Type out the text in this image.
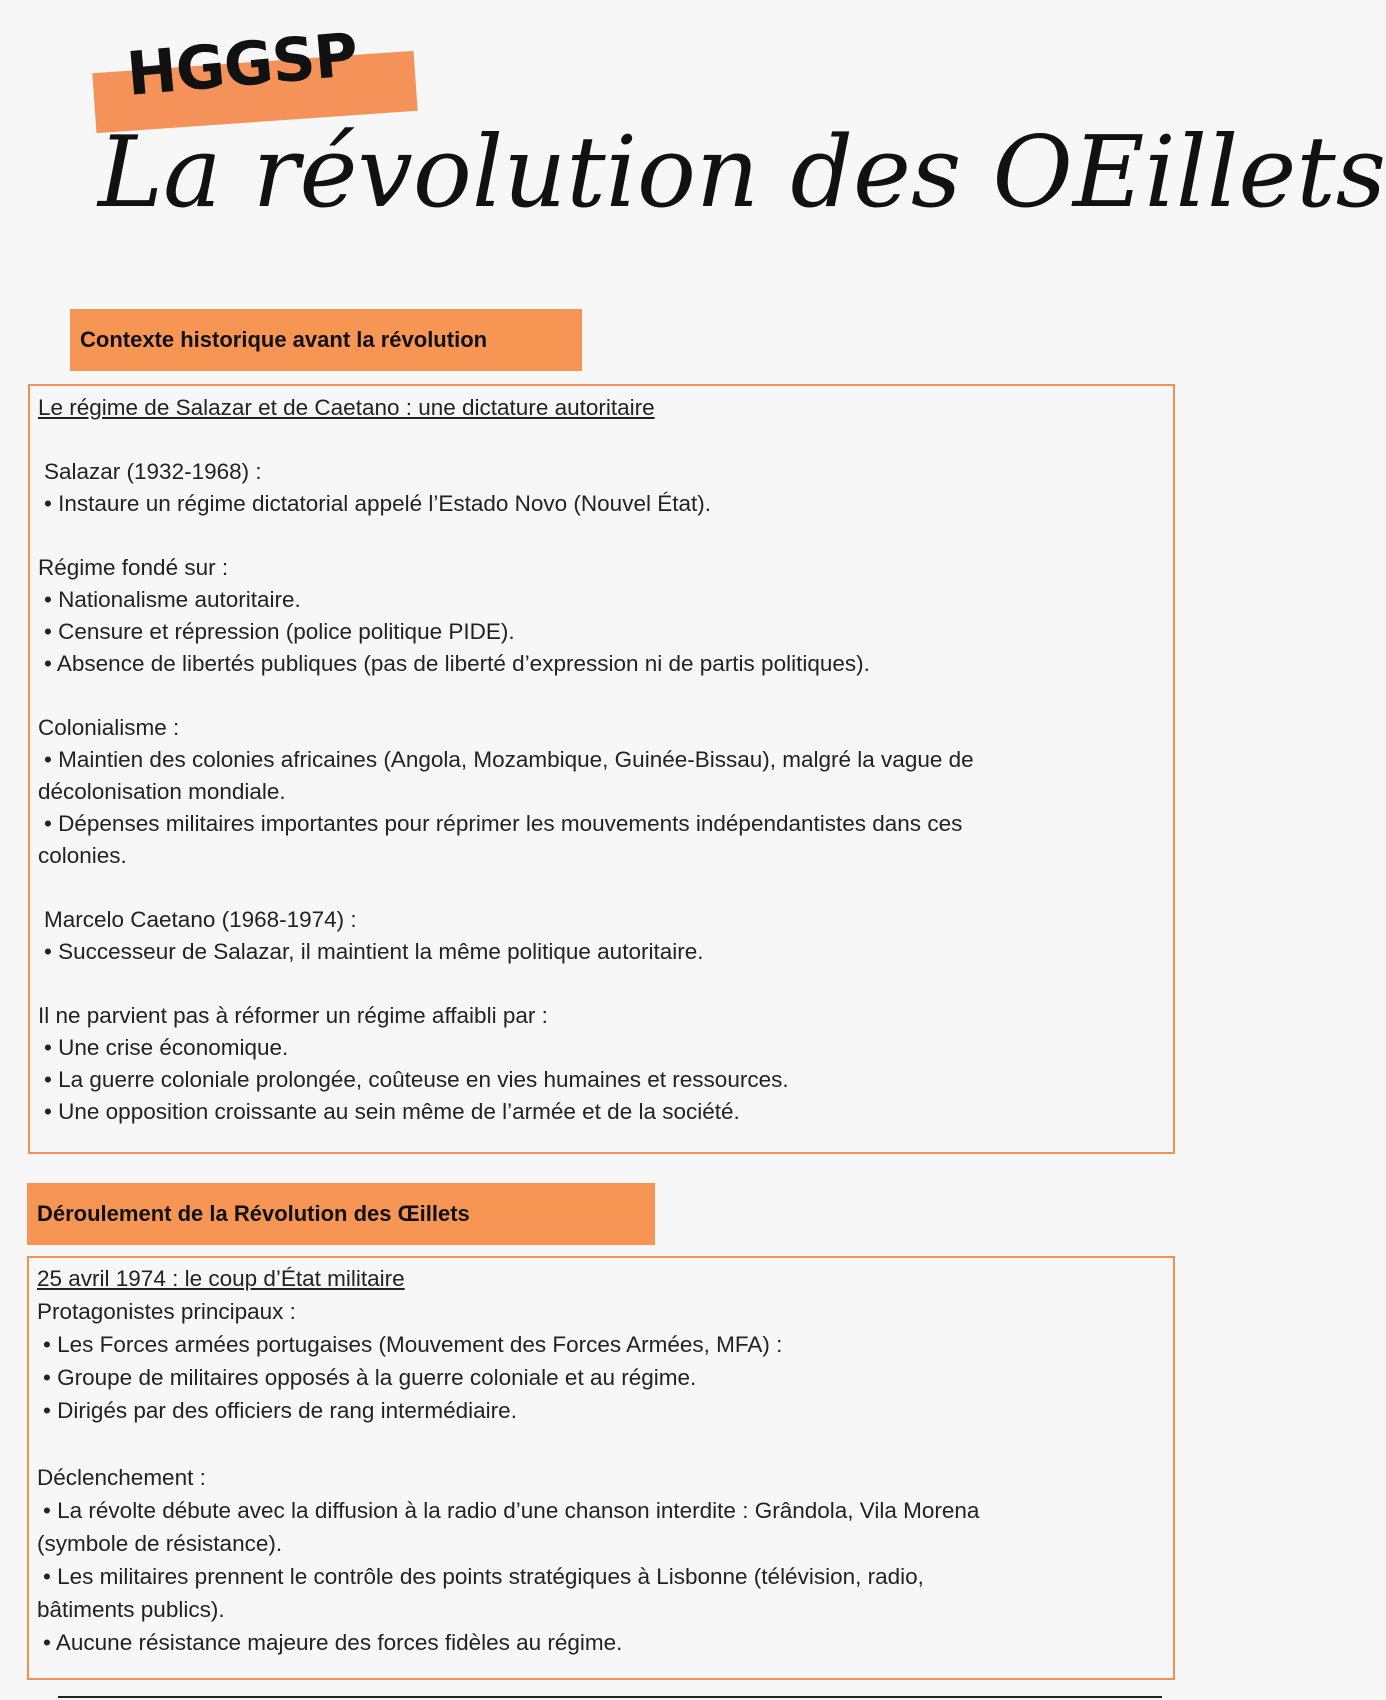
HGGSP
La révolution des OEillets
Contexte historique avant la révolution
Le régime de Salazar et de Caetano : une dictature autoritaire
Salazar (1932-1968) :
• Instaure un régime dictatorial appelé l’Estado Novo (Nouvel État).
Régime fondé sur :
• Nationalisme autoritaire.
• Censure et répression (police politique PIDE).
• Absence de libertés publiques (pas de liberté d’expression ni de partis politiques).
Colonialisme :
• Maintien des colonies africaines (Angola, Mozambique, Guinée-Bissau), malgré la vague de
décolonisation mondiale.
• Dépenses militaires importantes pour réprimer les mouvements indépendantistes dans ces
colonies.
Marcelo Caetano (1968-1974) :
• Successeur de Salazar, il maintient la même politique autoritaire.
Il ne parvient pas à réformer un régime affaibli par :
• Une crise économique.
• La guerre coloniale prolongée, coûteuse en vies humaines et ressources.
• Une opposition croissante au sein même de l’armée et de la société.
Déroulement de la Révolution des Œillets
25 avril 1974 : le coup d’État militaire
Protagonistes principaux :
• Les Forces armées portugaises (Mouvement des Forces Armées, MFA) :
• Groupe de militaires opposés à la guerre coloniale et au régime.
• Dirigés par des officiers de rang intermédiaire.
Déclenchement :
• La révolte débute avec la diffusion à la radio d’une chanson interdite : Grândola, Vila Morena
(symbole de résistance).
• Les militaires prennent le contrôle des points stratégiques à Lisbonne (télévision, radio,
bâtiments publics).
• Aucune résistance majeure des forces fidèles au régime.
